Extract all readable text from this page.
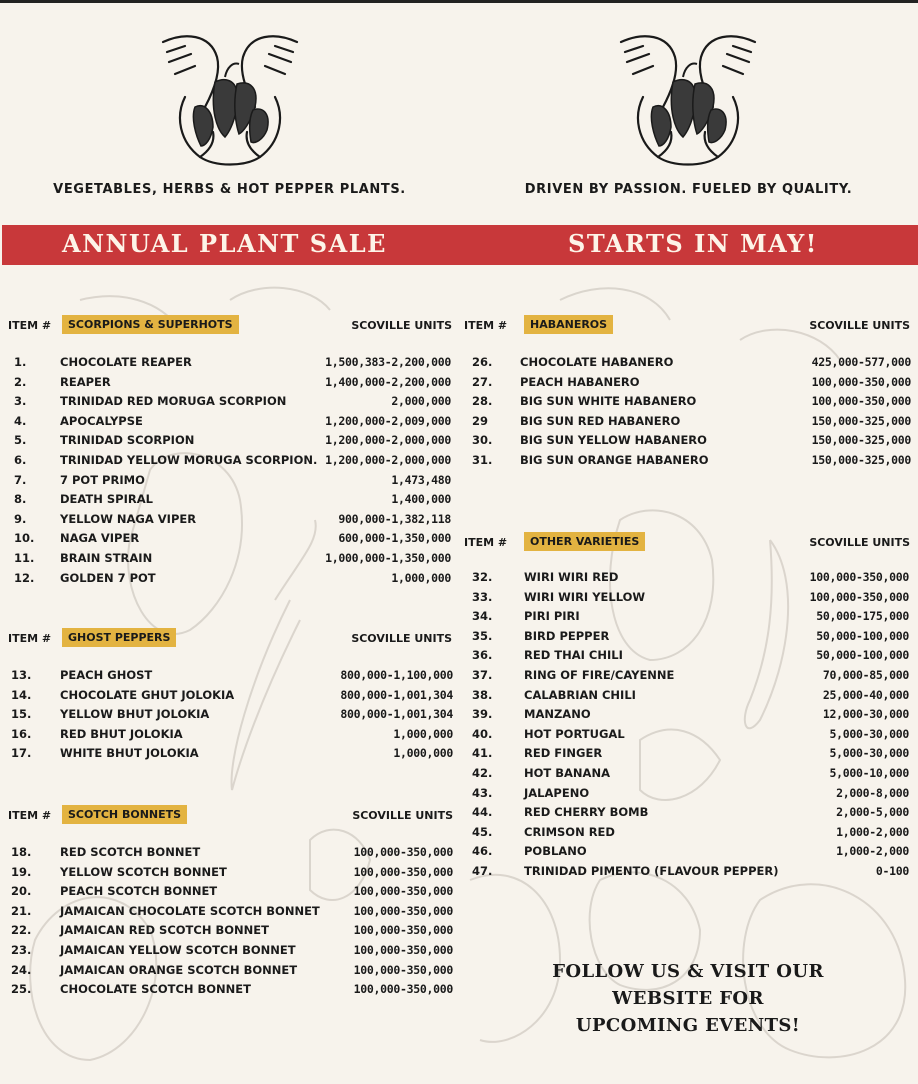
VEGETABLES, HERBS & HOT PEPPER PLANTS.	DRIVEN BY PASSION. FUELED BY QUALITY.
ANNUAL PLANT SALE	STARTS IN MAY!
ITEM #	SCORPIONS & SUPERHOTS	SCOVILLE UNITS
1.	CHOCOLATE REAPER	1,500,383-2,200,000
2.	REAPER	1,400,000-2,200,000
3.	TRINIDAD RED MORUGA SCORPION	2,000,000
4.	APOCALYPSE	1,200,000-2,009,000
5.	TRINIDAD SCORPION	1,200,000-2,000,000
6.	TRINIDAD YELLOW MORUGA SCORPION. 1,200,000-2,000,000
7.	7 POT PRIMO	1,473,480
8.	DEATH SPIRAL	1,400,000
9.	YELLOW NAGA VIPER	900,000-1,382,118
10. NAGA VIPER	600,000-1,350,000
11. BRAIN STRAIN	1,000,000-1,350,000
12. GOLDEN 7 POT	1,000,000
ITEM #	GHOST PEPPERS	SCOVILLE UNITS
13. PEACH GHOST	800,000-1,100,000
14. CHOCOLATE GHUT JOLOKIA	800,000-1,001,304
15. YELLOW BHUT JOLOKIA	800,000-1,001,304
16. RED BHUT JOLOKIA	1,000,000
17. WHITE BHUT JOLOKIA	1,000,000
ITEM #	SCOTCH BONNETS	SCOVILLE UNITS
18. RED SCOTCH BONNET	100,000-350,000
19. YELLOW SCOTCH BONNET	100,000-350,000
20. PEACH SCOTCH BONNET	100,000-350,000
21. JAMAICAN CHOCOLATE SCOTCH BONNET	100,000-350,000
22. JAMAICAN RED SCOTCH BONNET	100,000-350,000
23. JAMAICAN YELLOW SCOTCH BONNET	100,000-350,000
24. JAMAICAN ORANGE SCOTCH BONNET	100,000-350,000
25. CHOCOLATE SCOTCH BONNET	100,000-350,000
ITEM #	HABANEROS	SCOVILLE UNITS
26. CHOCOLATE HABANERO	425,000-577,000
27. PEACH HABANERO	100,000-350,000
28. BIG SUN WHITE HABANERO	100,000-350,000
29	BIG SUN RED HABANERO	150,000-325,000
30. BIG SUN YELLOW HABANERO	150,000-325,000
31. BIG SUN ORANGE HABANERO	150,000-325,000
ITEM #	OTHER VARIETIES	SCOVILLE UNITS
32.	WIRI WIRI RED	100,000-350,000
33.	WIRI WIRI YELLOW	100,000-350,000
34.	PIRI PIRI	50,000-175,000
35.	BIRD PEPPER	50,000-100,000
36.	RED THAI CHILI	50,000-100,000
37.	RING OF FIRE/CAYENNE	70,000-85,000
38.	CALABRIAN CHILI	25,000-40,000
39.	MANZANO	12,000-30,000
40.	HOT PORTUGAL	5,000-30,000
41.	RED FINGER	5,000-30,000
42.	HOT BANANA	5,000-10,000
43.	JALAPENO	2,000-8,000
44.	RED CHERRY BOMB	2,000-5,000
45.	CRIMSON RED	1,000-2,000
46.	POBLANO	1,000-2,000
47.	TRINIDAD PIMENTO (FLAVOUR PEPPER)	0-100
FOLLOW US & VISIT OUR
WEBSITE FOR
UPCOMING EVENTS!
